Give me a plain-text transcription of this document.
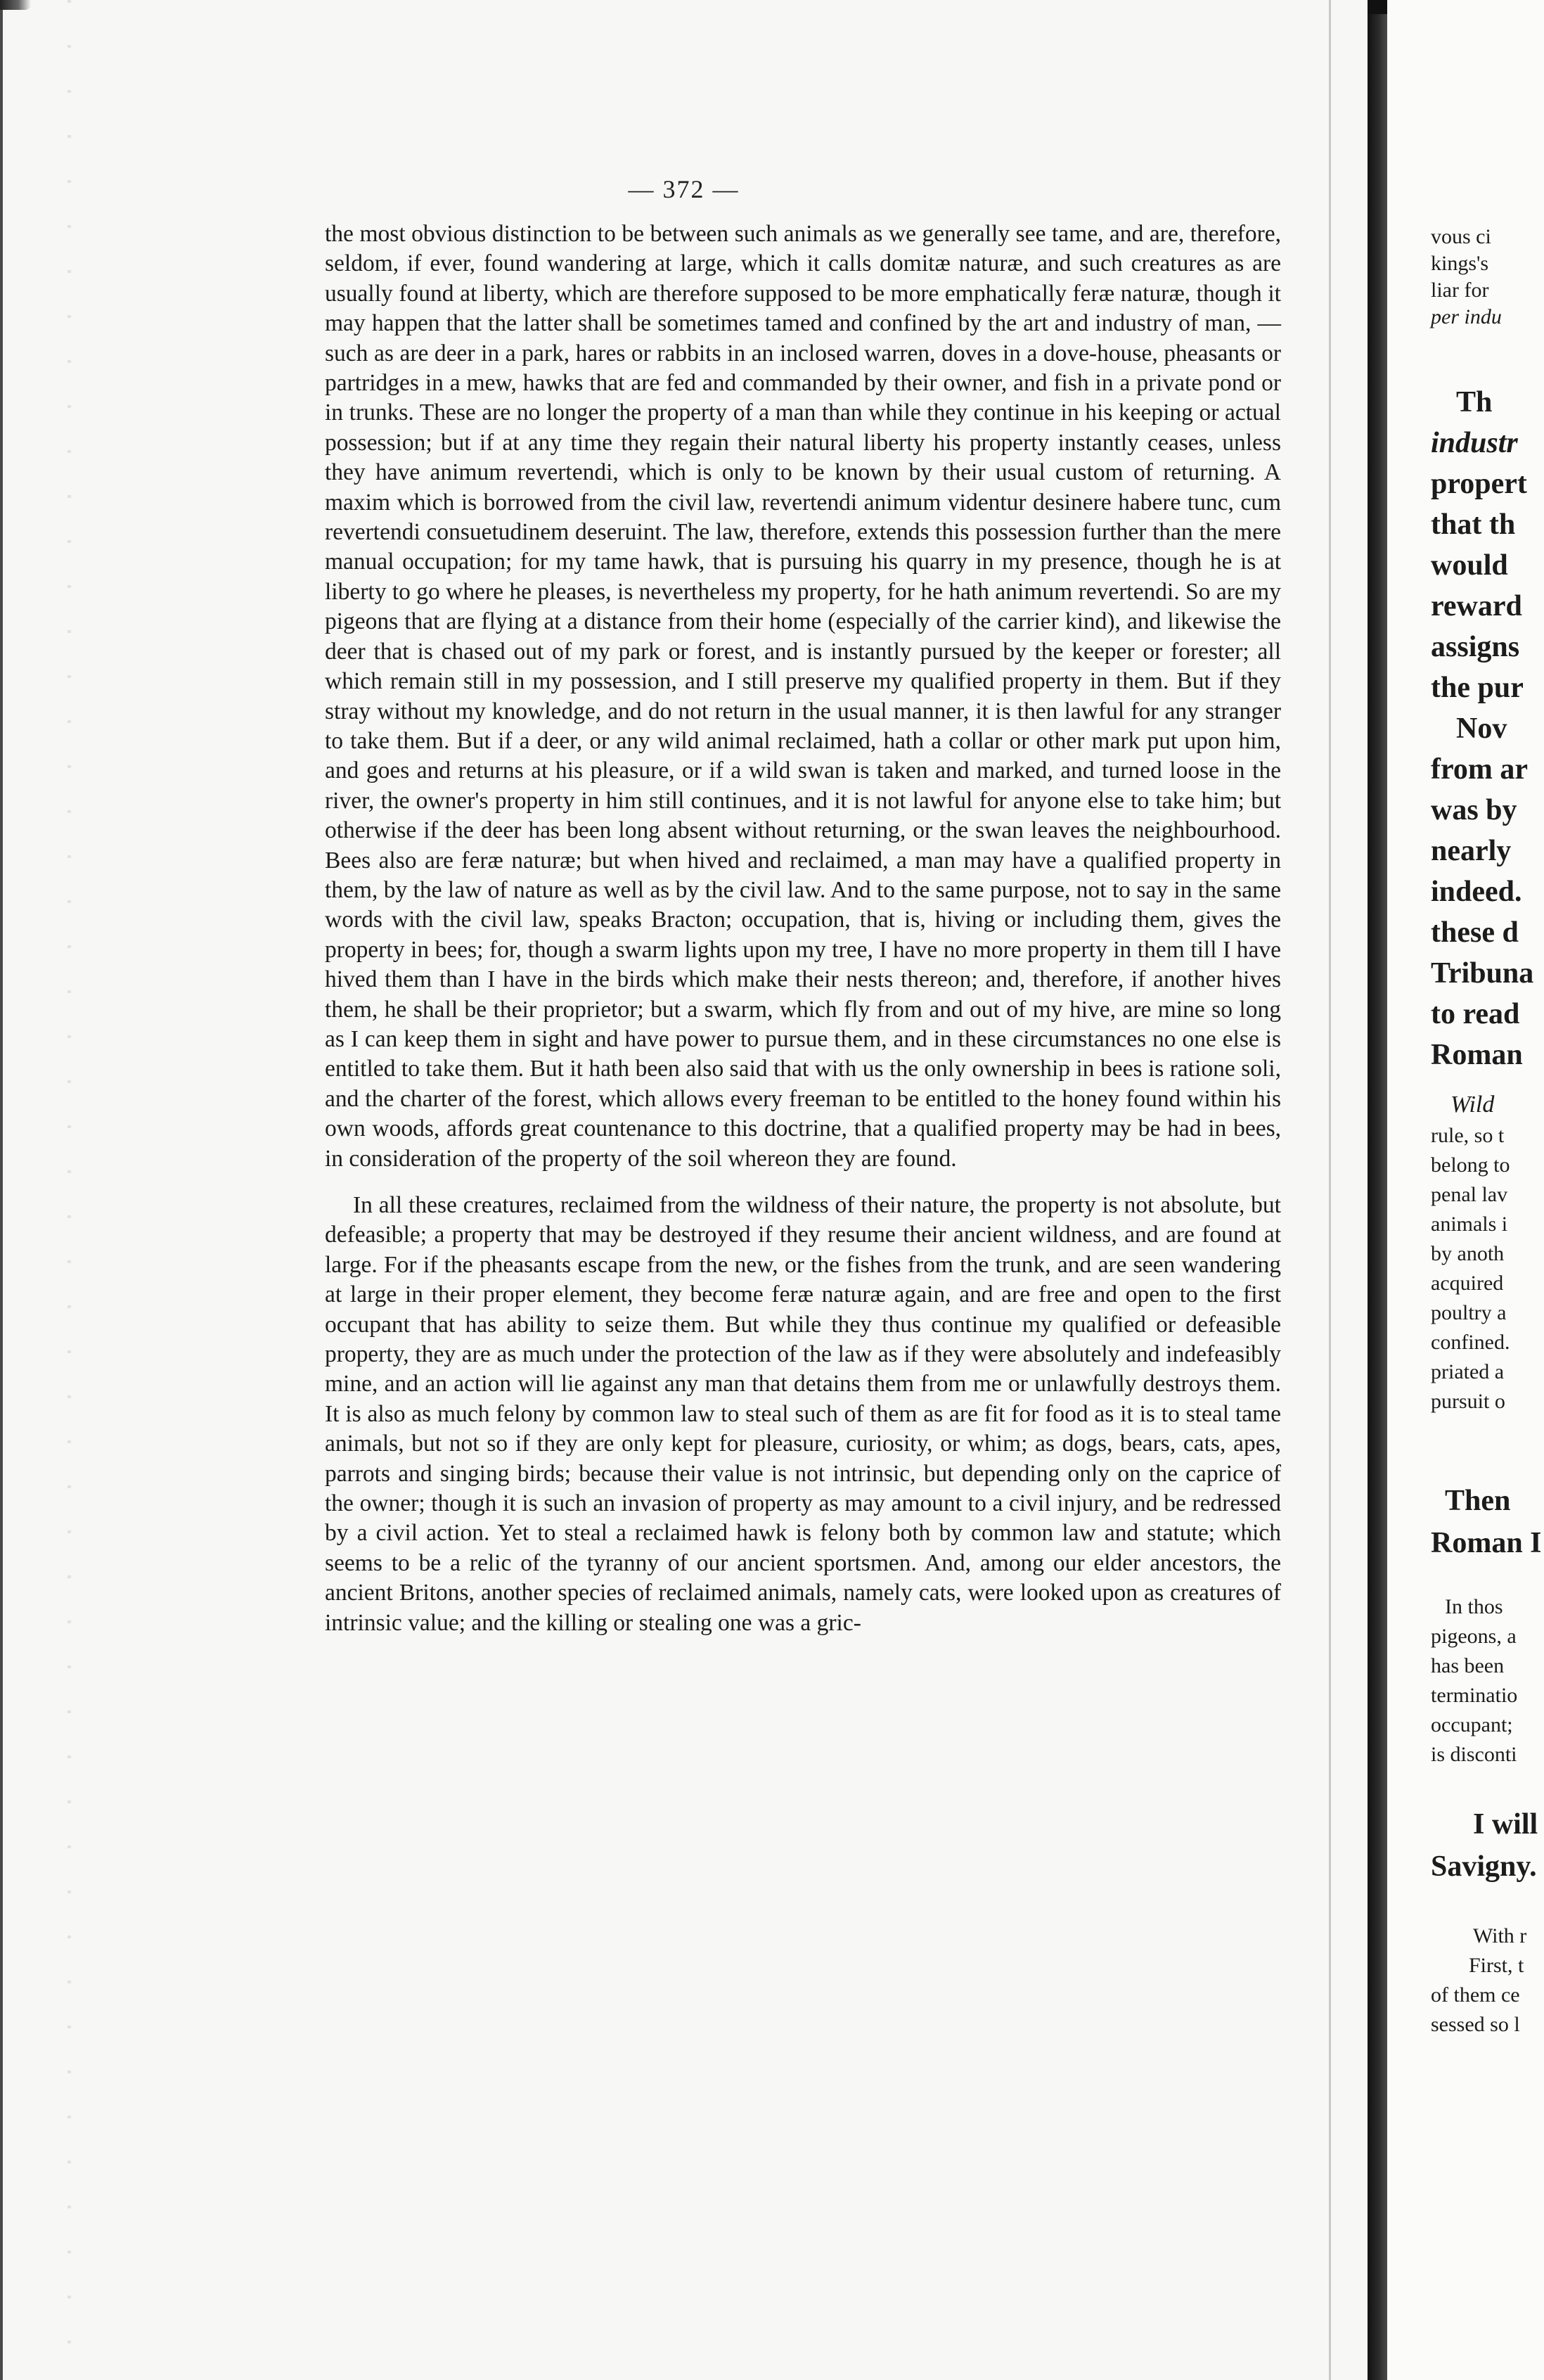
— 372 —

the most obvious distinction to be between such animals as we generally see tame, and are, therefore, seldom, if ever, found wandering at large, which it calls domitæ naturæ, and such creatures as are usually found at liberty, which are therefore supposed to be more emphatically feræ naturæ, though it may happen that the latter shall be sometimes tamed and confined by the art and industry of man, — such as are deer in a park, hares or rabbits in an inclosed warren, doves in a dove-house, pheasants or partridges in a mew, hawks that are fed and commanded by their owner, and fish in a private pond or in trunks. These are no longer the property of a man than while they continue in his keeping or actual possession; but if at any time they regain their natural liberty his property instantly ceases, unless they have animum revertendi, which is only to be known by their usual custom of returning. A maxim which is borrowed from the civil law, revertendi animum videntur desinere habere tunc, cum revertendi consuetudinem deseruint. The law, therefore, extends this possession further than the mere manual occupation; for my tame hawk, that is pursuing his quarry in my presence, though he is at liberty to go where he pleases, is nevertheless my property, for he hath animum revertendi. So are my pigeons that are flying at a distance from their home (especially of the carrier kind), and likewise the deer that is chased out of my park or forest, and is instantly pursued by the keeper or forester; all which remain still in my possession, and I still preserve my qualified property in them. But if they stray without my knowledge, and do not return in the usual manner, it is then lawful for any stranger to take them. But if a deer, or any wild animal reclaimed, hath a collar or other mark put upon him, and goes and returns at his pleasure, or if a wild swan is taken and marked, and turned loose in the river, the owner's property in him still continues, and it is not lawful for anyone else to take him; but otherwise if the deer has been long absent without returning, or the swan leaves the neighbourhood. Bees also are feræ naturæ; but when hived and reclaimed, a man may have a qualified property in them, by the law of nature as well as by the civil law. And to the same purpose, not to say in the same words with the civil law, speaks Bracton; occupation, that is, hiving or including them, gives the property in bees; for, though a swarm lights upon my tree, I have no more property in them till I have hived them than I have in the birds which make their nests thereon; and, therefore, if another hives them, he shall be their proprietor; but a swarm, which fly from and out of my hive, are mine so long as I can keep them in sight and have power to pursue them, and in these circumstances no one else is entitled to take them. But it hath been also said that with us the only ownership in bees is ratione soli, and the charter of the forest, which allows every freeman to be entitled to the honey found within his own woods, affords great countenance to this doctrine, that a qualified property may be had in bees, in consideration of the property of the soil whereon they are found.

In all these creatures, reclaimed from the wildness of their nature, the property is not absolute, but defeasible; a property that may be destroyed if they resume their ancient wildness, and are found at large. For if the pheasants escape from the new, or the fishes from the trunk, and are seen wandering at large in their proper element, they become feræ naturæ again, and are free and open to the first occupant that has ability to seize them. But while they thus continue my qualified or defeasible property, they are as much under the protection of the law as if they were absolutely and indefeasibly mine, and an action will lie against any man that detains them from me or unlawfully destroys them. It is also as much felony by common law to steal such of them as are fit for food as it is to steal tame animals, but not so if they are only kept for pleasure, curiosity, or whim; as dogs, bears, cats, apes, parrots and singing birds; because their value is not intrinsic, but depending only on the caprice of the owner; though it is such an invasion of property as may amount to a civil injury, and be redressed by a civil action. Yet to steal a reclaimed hawk is felony both by common law and statute; which seems to be a relic of the tyranny of our ancient sportsmen. And, among our elder ancestors, the ancient Britons, another species of reclaimed animals, namely cats, were looked upon as creatures of intrinsic value; and the killing or stealing one was a gric-

vous ci
kings's
liar for
per indu
Th
industr
propert
that th
would
reward
assigns
the pur
Nov
from ar
was by
nearly
indeed.
these d
Tribuna
to read
Roman
Wild
rule, so t
belong to
penal lav
animals i
by anoth
acquired
poultry a
confined.
priated a
pursuit o
Then
Roman I
In thos
pigeons, a
has been
terminatio
occupant;
is disconti
I will
Savigny.
With r
First, t
of them ce
sessed so l
